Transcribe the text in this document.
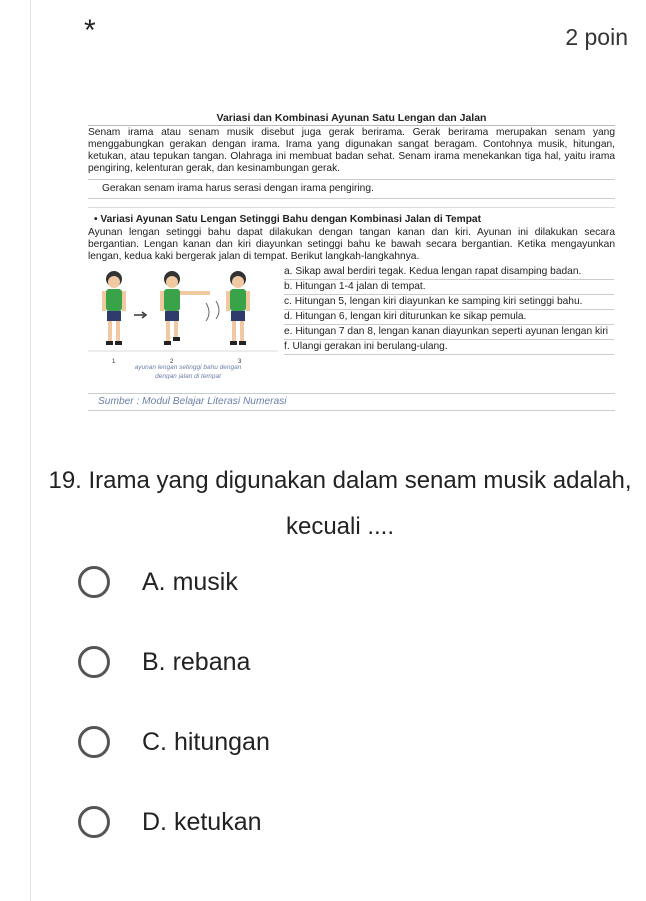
*	2 poin
Variasi dan Kombinasi Ayunan Satu Lengan dan Jalan
Senam irama atau senam musik disebut juga gerak berirama. Gerak berirama merupakan senam yang menggabungkan gerakan dengan irama. Irama yang digunakan sangat beragam. Contohnya musik, hitungan, ketukan, atau tepukan tangan. Olahraga ini membuat badan sehat. Senam irama menekankan tiga hal, yaitu irama pengiring, kelenturan gerak, dan kesinambungan gerak.
Gerakan senam irama harus serasi dengan irama pengiring.
• Variasi Ayunan Satu Lengan Setinggi Bahu dengan Kombinasi Jalan di Tempat
Ayunan lengan setinggi bahu dapat dilakukan dengan tangan kanan dan kiri. Ayunan ini dilakukan secara bergantian. Lengan kanan dan kiri diayunkan setinggi bahu ke bawah secara bergantian. Ketika mengayunkan lengan, kedua kaki bergerak jalan di tempat. Berikut langkah-langkahnya.
1	2	3
ayunan lengan setinggi bahu dengan
dengan jalan di tempat
a. Sikap awal berdiri tegak. Kedua lengan rapat disamping badan.
b. Hitungan 1-4 jalan di tempat.
c. Hitungan 5, lengan kiri diayunkan ke samping kiri setinggi bahu.
d. Hitungan 6, lengan kiri diturunkan ke sikap pemula.
e. Hitungan 7 dan 8, lengan kanan diayunkan seperti ayunan lengan kiri
f. Ulangi gerakan ini berulang-ulang.
Sumber : Modul Belajar Literasi Numerasi
19. Irama yang digunakan dalam senam musik adalah, kecuali ....
A. musik
B. rebana
C. hitungan
D. ketukan
